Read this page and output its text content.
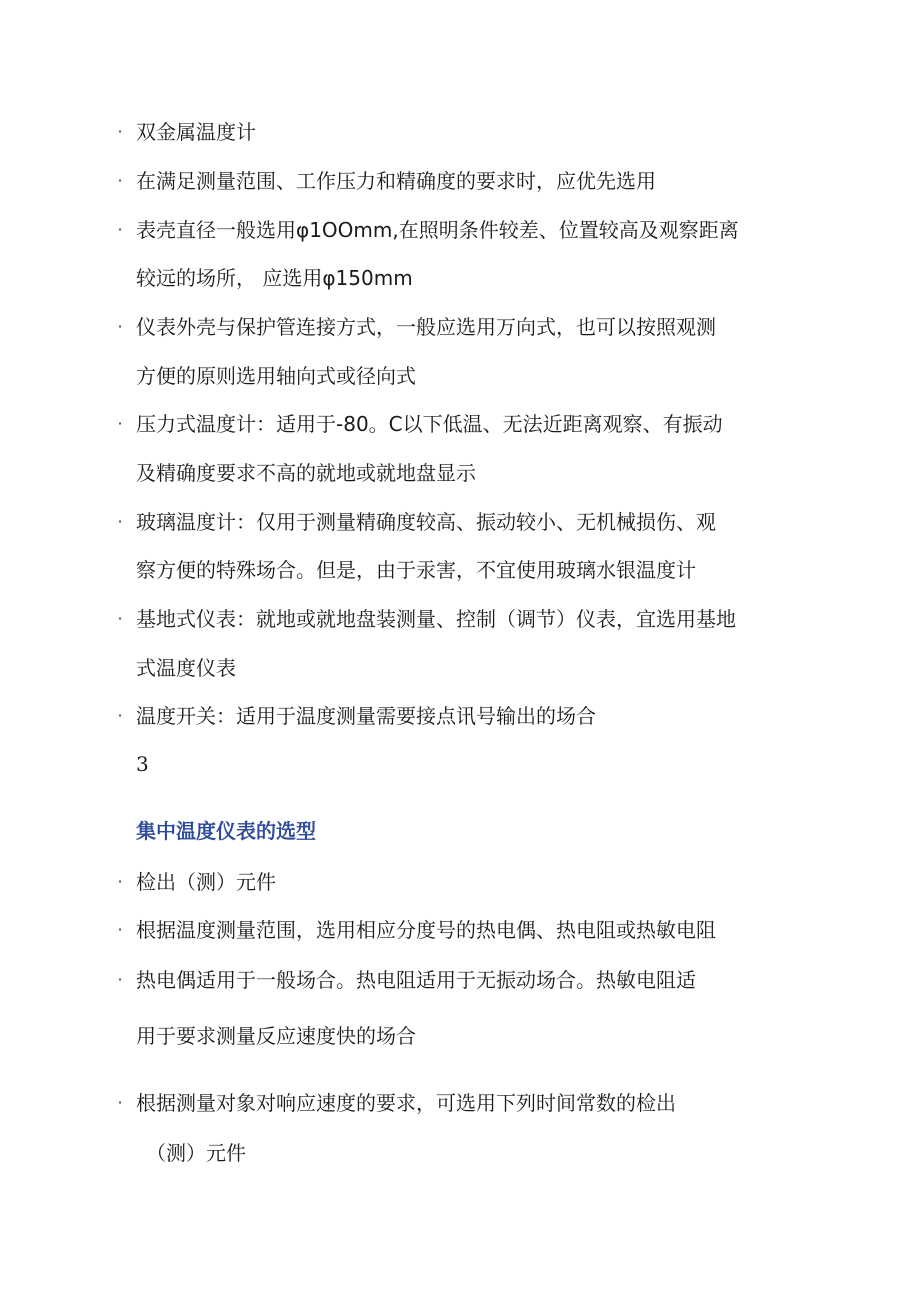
· 双金属温度计
· 在满足测量范围、工作压力和精确度的要求时，应优先选用
· 表壳直径一般选用φ1OOmm,在照明条件较差、位置较高及观察距离
较远的场所， 应选用φ150mm
· 仪表外壳与保护管连接方式，一般应选用万向式，也可以按照观测
方便的原则选用轴向式或径向式
· 压力式温度计：适用于-80。C以下低温、无法近距离观察、有振动
及精确度要求不高的就地或就地盘显示
· 玻璃温度计：仅用于测量精确度较高、振动较小、无机械损伤、观
察方便的特殊场合。但是，由于汞害，不宜使用玻璃水银温度计
· 基地式仪表：就地或就地盘装测量、控制（调节）仪表，宜选用基地
式温度仪表
· 温度开关：适用于温度测量需要接点讯号输出的场合
3
集中温度仪表的选型
· 检出（测）元件
· 根据温度测量范围，选用相应分度号的热电偶、热电阻或热敏电阻
· 热电偶适用于一般场合。热电阻适用于无振动场合。热敏电阻适
用于要求测量反应速度快的场合
· 根据测量对象对响应速度的要求，可选用下列时间常数的检出
（测）元件
